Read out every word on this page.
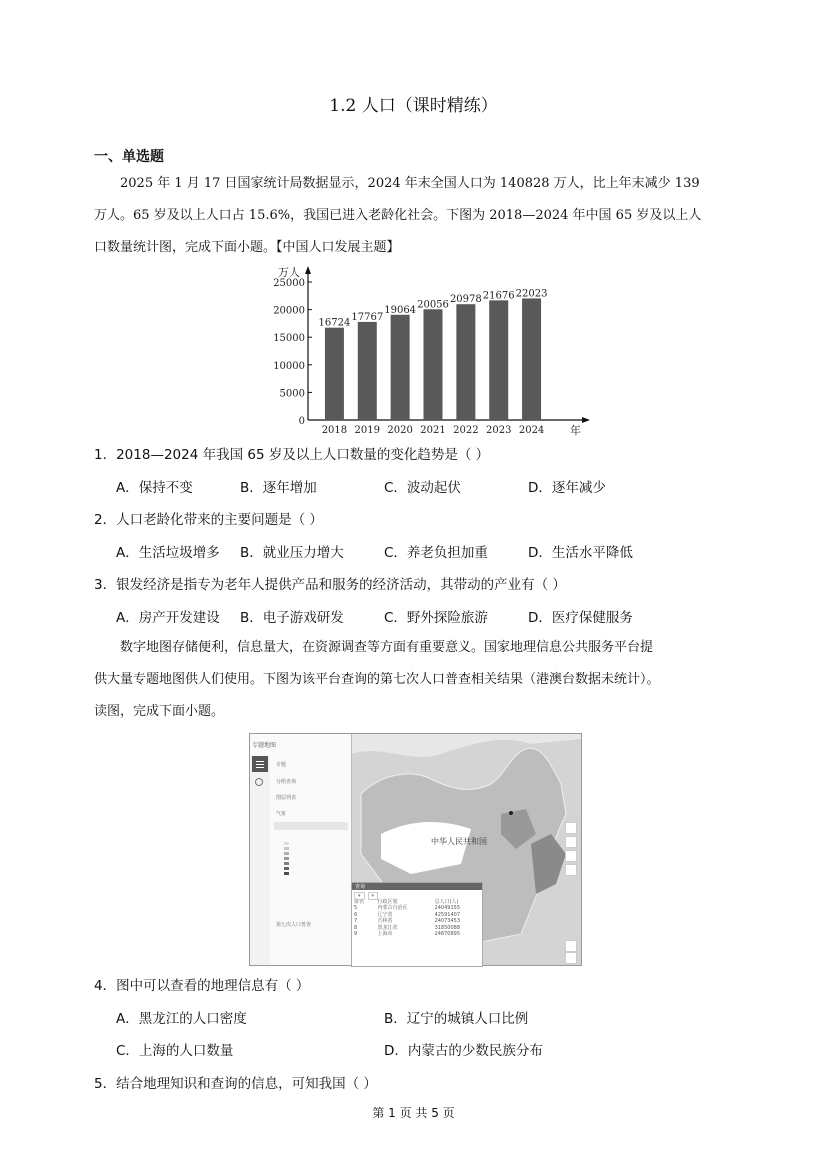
1.2 人口（课时精练）
一、单选题
2025 年 1 月 17 日国家统计局数据显示，2024 年末全国人口为 140828 万人，比上年末减少 139
万人。65 岁及以上人口占 15.6%，我国已进入老龄化社会。下图为 2018—2024 年中国 65 岁及以上人
口数量统计图，完成下面小题。【中国人口发展主题】
万人
年
0
5000
10000
15000
20000
25000
16724
2018
17767
2019
19064
2020
20056
2021
20978
2022
21676
2023
22023
2024
1．2018—2024 年我国 65 岁及以上人口数量的变化趋势是（ ）
A．保持不变	B．逐年增加	C．波动起伏	D．逐年减少
2．人口老龄化带来的主要问题是（ ）
A．生活垃圾增多 B．就业压力增大	C．养老负担加重	D．生活水平降低
3．银发经济是指专为老年人提供产品和服务的经济活动，其带动的产业有（ ）
A．房产开发建设 B．电子游戏研发	C．野外探险旅游	D．医疗保健服务
数字地图存储便利，信息量大，在资源调查等方面有重要意义。国家地理信息公共服务平台提
供大量专题地图供人们使用。下图为该平台查询的第七次人口普查相关结果（港澳台数据未统计）。
读图，完成下面小题。
中华人民共和国
专题地图
专题
分组查询
图层列表
气象
第七次人口普查
查询
▾ ▾
排名	行政区划	总人口(人)
5	内蒙古自治区	24049155
6	辽宁省	42591407
7	吉林省	24073453
8	黑龙江省	31850088
9	上海市	24870895
4．图中可以查看的地理信息有（ ）
A．黑龙江的人口密度	B．辽宁的城镇人口比例
C．上海的人口数量	D．内蒙古的少数民族分布
5．结合地理知识和查询的信息，可知我国（ ）
第 1 页 共 5 页
